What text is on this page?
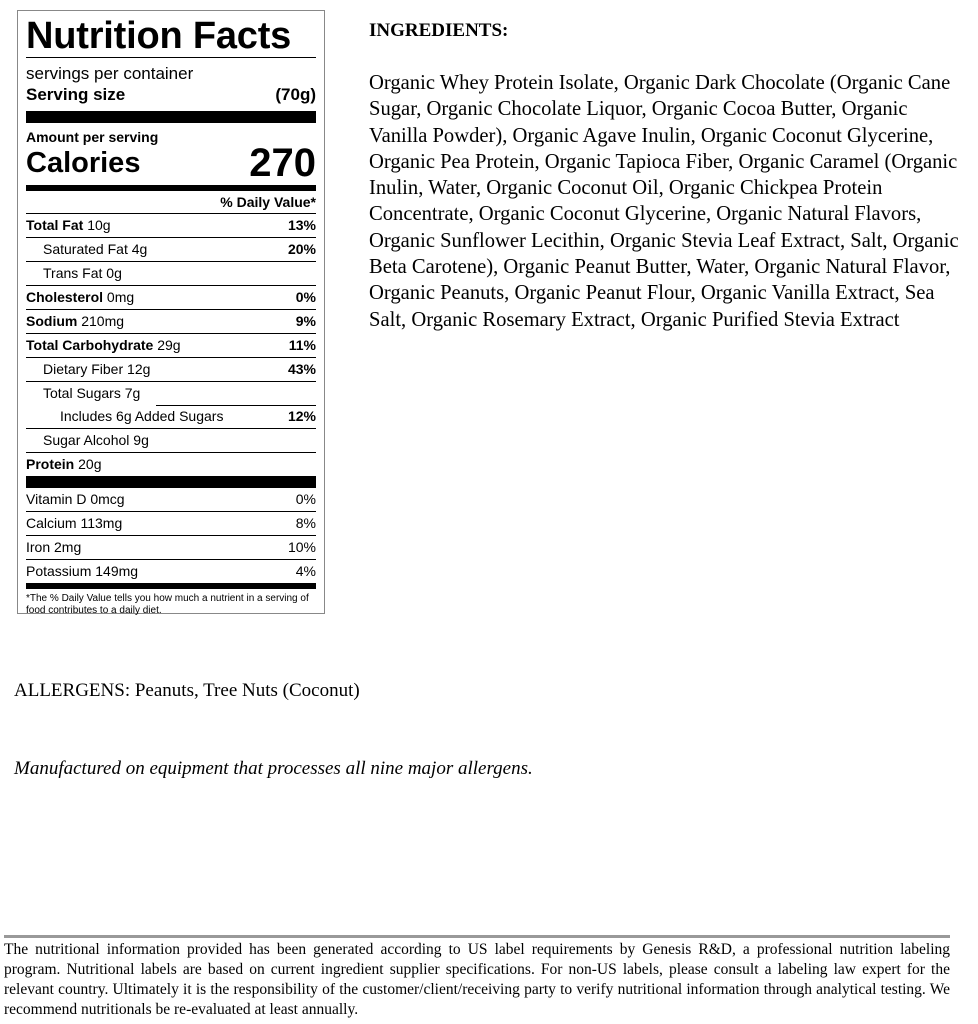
Nutrition Facts
servings per container
Serving size	(70g)
Amount per serving
Calories	270
% Daily Value*
Total Fat 10g	13%
Saturated Fat 4g	20%
Trans Fat 0g
Cholesterol 0mg	0%
Sodium 210mg	9%
Total Carbohydrate 29g	11%
Dietary Fiber 12g	43%
Total Sugars 7g
Includes 6g Added Sugars	12%
Sugar Alcohol 9g
Protein 20g
Vitamin D 0mcg	0%
Calcium 113mg	8%
Iron 2mg	10%
Potassium 149mg	4%
*The % Daily Value tells you how much a nutrient in a serving of food contributes to a daily diet.
INGREDIENTS:
Organic Whey Protein Isolate, Organic Dark Chocolate (Organic Cane Sugar, Organic Chocolate Liquor, Organic Cocoa Butter, Organic Vanilla Powder), Organic Agave Inulin, Organic Coconut Glycerine, Organic Pea Protein, Organic Tapioca Fiber, Organic Caramel (Organic Inulin, Water, Organic Coconut Oil, Organic Chickpea Protein Concentrate, Organic Coconut Glycerine, Organic Natural Flavors, Organic Sunflower Lecithin, Organic Stevia Leaf Extract, Salt, Organic Beta Carotene), Organic Peanut Butter, Water, Organic Natural Flavor, Organic Peanuts, Organic Peanut Flour, Organic Vanilla Extract, Sea Salt, Organic Rosemary Extract, Organic Purified Stevia Extract
ALLERGENS: Peanuts, Tree Nuts (Coconut)
Manufactured on equipment that processes all nine major allergens.
The nutritional information provided has been generated according to US label requirements by Genesis R&D, a professional nutrition labeling program. Nutritional labels are based on current ingredient supplier specifications. For non-US labels, please consult a labeling law expert for the relevant country. Ultimately it is the responsibility of the customer/client/receiving party to verify nutritional information through analytical testing. We recommend nutritionals be re-evaluated at least annually.
